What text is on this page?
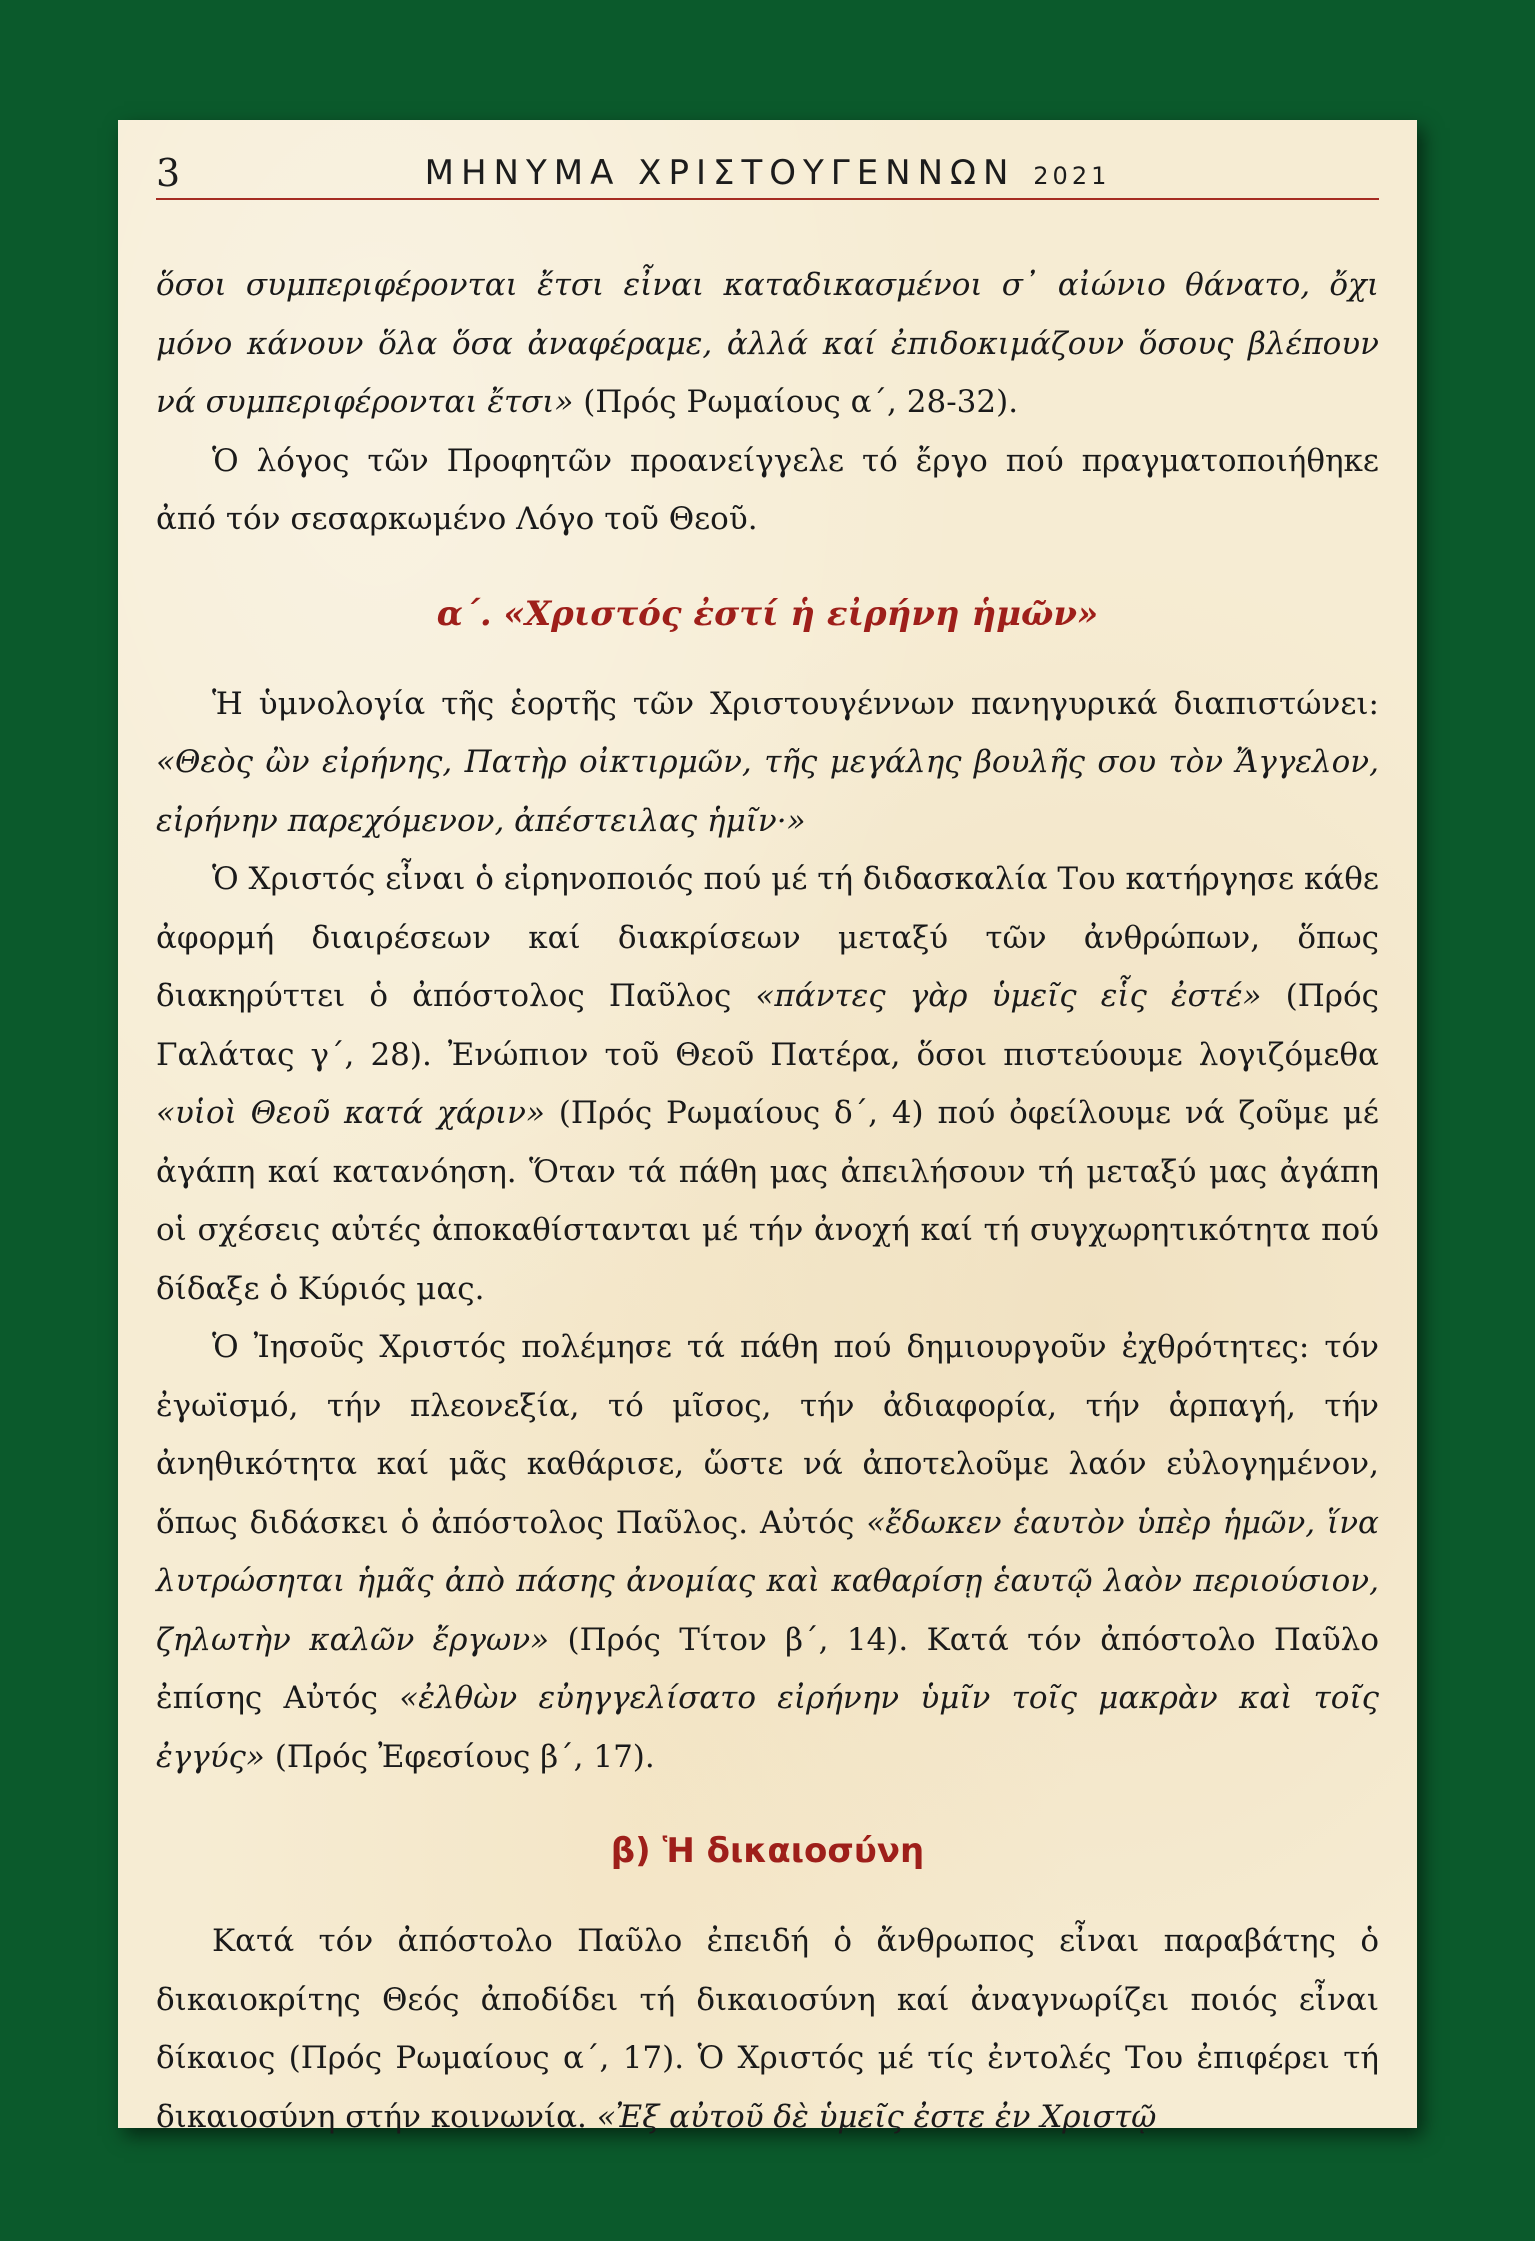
3	ΜΗΝΥΜΑ ΧΡΙΣΤΟΥΓΕΝΝΩΝ 2021

ὅσοι συμπεριφέρονται ἔτσι εἶναι καταδικασμένοι σ᾽ αἰώνιο θάνατο, ὄχι μόνο κάνουν ὅλα ὅσα ἀναφέραμε, ἀλλά καί ἐπιδοκιμάζουν ὅσους βλέπουν νά συμπεριφέρονται ἔτσι» (Πρός Ρωμαίους α΄, 28-32).

Ὁ λόγος τῶν Προφητῶν προανείγγελε τό ἔργο πού πραγματοποιήθηκε ἀπό τόν σεσαρκωμένο Λόγο τοῦ Θεοῦ.

α΄. «Χριστός ἐστί ἡ εἰρήνη ἡμῶν»

Ἡ ὑμνολογία τῆς ἑορτῆς τῶν Χριστουγέννων πανηγυρικά διαπιστώνει: «Θεὸς ὢν εἰρήνης, Πατὴρ οἰκτιρμῶν, τῆς μεγάλης βουλῆς σου τὸν Ἄγγελον, εἰρήνην παρεχόμενον, ἀπέστειλας ἡμῖν·»

Ὁ Χριστός εἶναι ὁ εἰρηνοποιός πού μέ τή διδασκαλία Του κατήργησε κάθε ἀφορμή διαιρέσεων καί διακρίσεων μεταξύ τῶν ἀνθρώπων, ὅπως διακηρύττει ὁ ἀπόστολος Παῦλος «πάντες γὰρ ὑμεῖς εἷς ἐστέ» (Πρός Γαλάτας γ΄, 28). Ἐνώπιον τοῦ Θεοῦ Πατέρα, ὅσοι πιστεύουμε λογιζόμεθα «υἱοὶ Θεοῦ κατά χάριν» (Πρός Ρωμαίους δ΄, 4) πού ὀφείλουμε νά ζοῦμε μέ ἀγάπη καί κατανόηση. Ὅταν τά πάθη μας ἀπειλήσουν τή μεταξύ μας ἀγάπη οἱ σχέσεις αὐτές ἀποκαθίστανται μέ τήν ἀνοχή καί τή συγχωρητικότητα πού δίδαξε ὁ Κύριός μας.

Ὁ Ἰησοῦς Χριστός πολέμησε τά πάθη πού δημιουργοῦν ἐχθρότητες: τόν ἐγωϊσμό, τήν πλεονεξία, τό μῖσος, τήν ἀδιαφορία, τήν ἁρπαγή, τήν ἀνηθικότητα καί μᾶς καθάρισε, ὥστε νά ἀποτελοῦμε λαόν εὐλογημένον, ὅπως διδάσκει ὁ ἀπόστολος Παῦλος. Αὐτός «ἔδωκεν ἑαυτὸν ὑπὲρ ἡμῶν, ἵνα λυτρώσηται ἡμᾶς ἀπὸ πάσης ἀνομίας καὶ καθαρίσῃ ἑαυτῷ λαὸν περιούσιον, ζηλωτὴν καλῶν ἔργων» (Πρός Τίτον β΄, 14). Κατά τόν ἀπόστολο Παῦλο ἐπίσης Αὐτός «ἐλθὼν εὐηγγελίσατο εἰρήνην ὑμῖν τοῖς μακρὰν καὶ τοῖς ἐγγύς» (Πρός Ἐφεσίους β΄, 17).

β) Ἡ δικαιοσύνη

Κατά τόν ἀπόστολο Παῦλο ἐπειδή ὁ ἄνθρωπος εἶναι παραβάτης ὁ δικαιοκρίτης Θεός ἀποδίδει τή δικαιοσύνη καί ἀναγνωρίζει ποιός εἶναι δίκαιος (Πρός Ρωμαίους α΄, 17). Ὁ Χριστός μέ τίς ἐντολές Του ἐπιφέρει τή δικαιοσύνη στήν κοινωνία. «Ἐξ αὐτοῦ δὲ ὑμεῖς ἐστε ἐν Χριστῷ
